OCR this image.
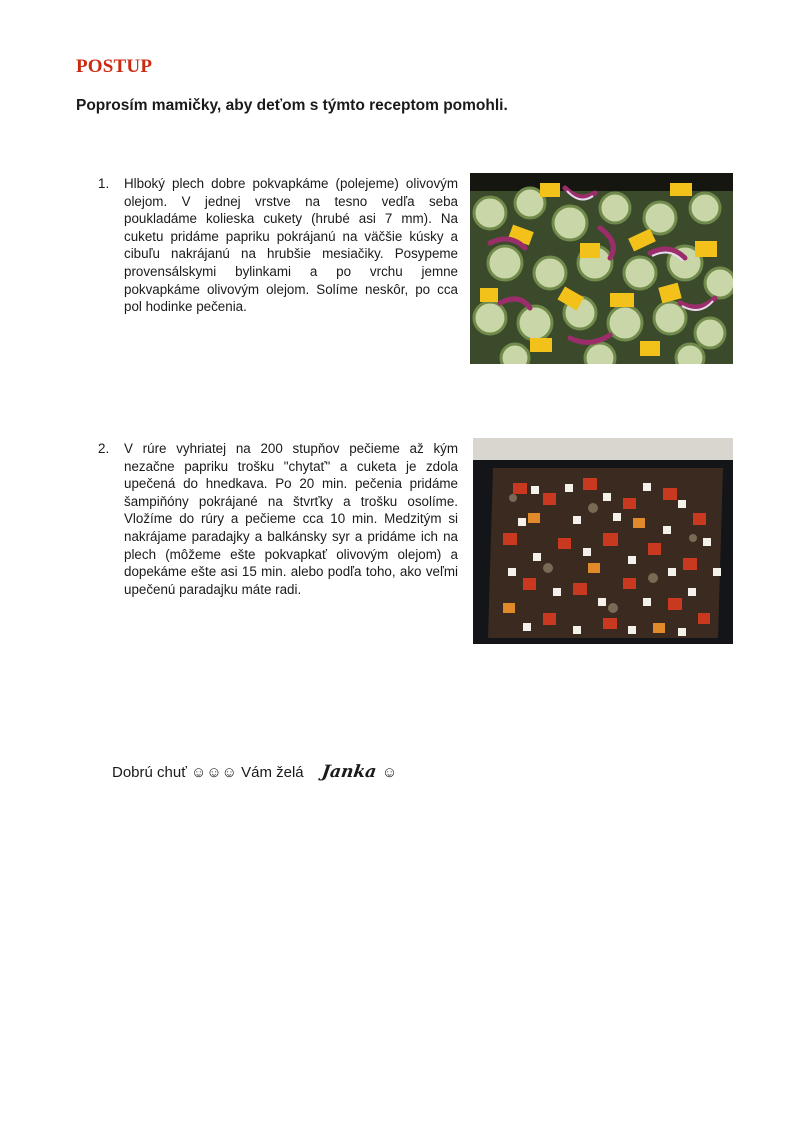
POSTUP
Poprosím mamičky, aby deťom s týmto receptom pomohli.
1.	Hlboký plech dobre pokvapkáme (polejeme) olivovým olejom. V jednej vrstve na tesno vedľa seba poukladáme kolieska cukety (hrubé asi 7 mm). Na cuketu pridáme papriku pokrájanú na väčšie kúsky a cibuľu nakrájanú na hrubšie mesiačiky. Posypeme provensálskymi bylinkami a po vrchu jemne pokvapkáme olivovým olejom. Solíme neskôr, po cca pol hodinke pečenia.
2.	V rúre vyhriatej na 200 stupňov pečieme až kým nezačne papriku trošku "chytať" a cuketa je zdola upečená do hnedkava. Po 20 min. pečenia pridáme šampiňóny pokrájané na štvrťky a trošku osolíme. Vložíme do rúry a pečieme cca 10 min. Medzitým si nakrájame paradajky a balkánsky syr a pridáme ich na plech (môžeme ešte pokvapkať olivovým olejom) a dopekáme ešte asi 15 min. alebo podľa toho, ako veľmi upečenú paradajku máte radi.
Dobrú chuť ☺☺☺ Vám želá Janka ☺
